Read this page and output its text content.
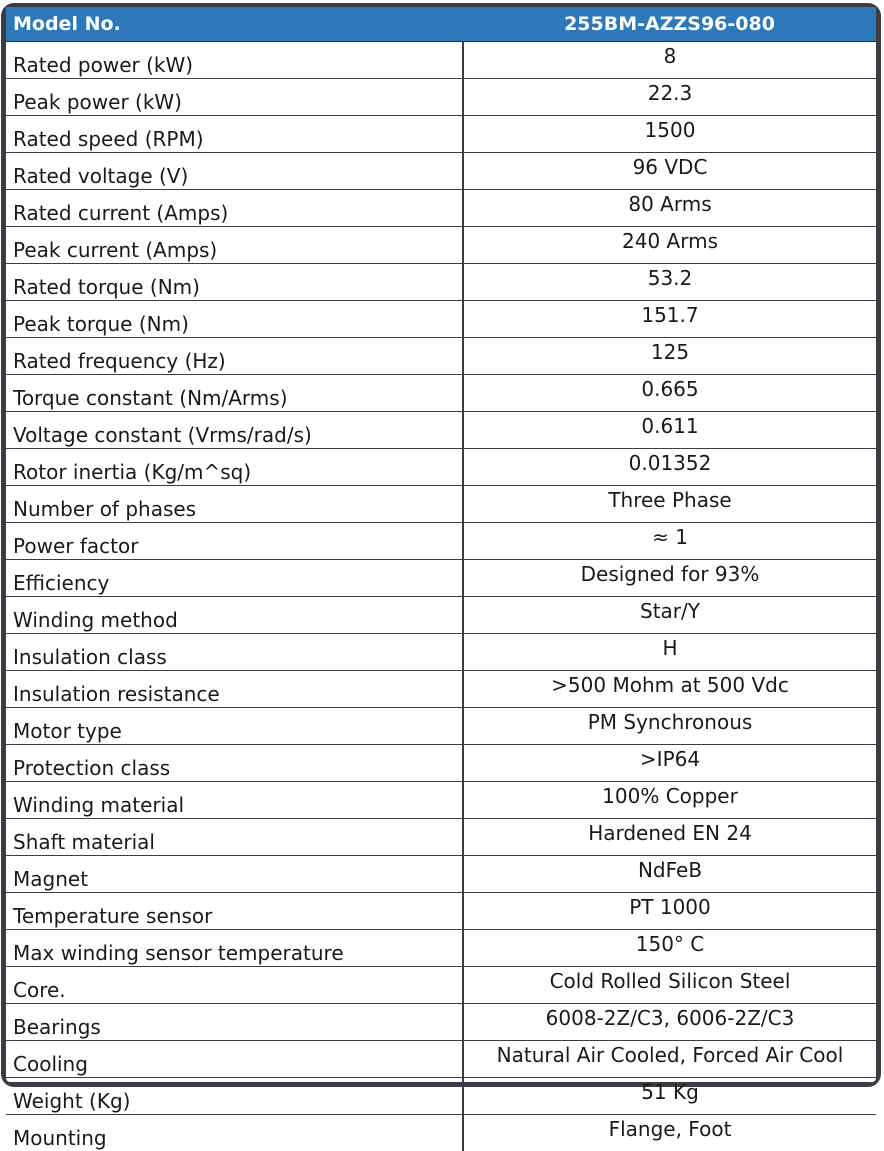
Model No.	255BM-AZZS96-080
Rated power (kW)	8
Peak power (kW)	22.3
Rated speed (RPM)	1500
Rated voltage (V)	96 VDC
Rated current (Amps)	80 Arms
Peak current (Amps)	240 Arms
Rated torque (Nm)	53.2
Peak torque (Nm)	151.7
Rated frequency (Hz)	125
Torque constant (Nm/Arms)	0.665
Voltage constant (Vrms/rad/s)	0.611
Rotor inertia (Kg/m^sq)	0.01352
Number of phases	Three Phase
Power factor	≈ 1
Efficiency	Designed for 93%
Winding method	Star/Y
Insulation class	H
Insulation resistance	>500 Mohm at 500 Vdc
Motor type	PM Synchronous
Protection class	>IP64
Winding material	100% Copper
Shaft material	Hardened EN 24
Magnet	NdFeB
Temperature sensor	PT 1000
Max winding sensor temperature	150° C
Core.	Cold Rolled Silicon Steel
Bearings	6008-2Z/C3, 6006-2Z/C3
Cooling	Natural Air Cooled, Forced Air Cool
Weight (Kg)	51 Kg
Mounting	Flange, Foot
